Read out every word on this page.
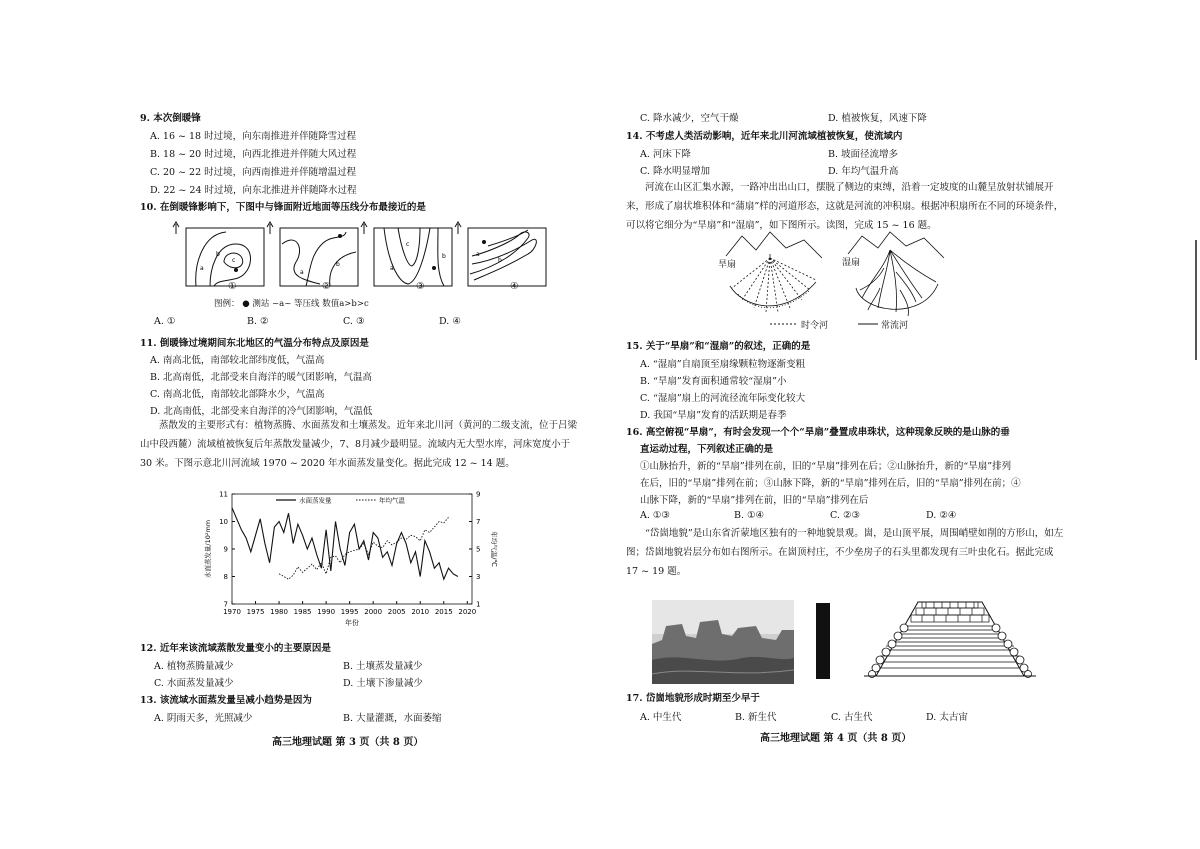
9. 本次倒暖锋
A. 16 ~ 18 时过境，向东南推进并伴随降雪过程
B. 18 ~ 20 时过境，向西北推进并伴随大风过程
C. 20 ~ 22 时过境，向西南推进并伴随增温过程
D. 22 ~ 24 时过境，向东北推进并伴随降水过程
10. 在倒暖锋影响下，下图中与锋面附近地面等压线分布最接近的是
a
b
c
a
b
a
c
b	a
b
①	②	③	④
图例： ● 测站 ~a~ 等压线 数值a>b>c
A. ①	B. ②	C. ③	D. ④
11. 倒暖锋过境期间东北地区的气温分布特点及原因是
A. 南高北低，南部较北部纬度低，气温高
B. 北高南低，北部受来自海洋的暖气团影响，气温高
C. 南高北低，南部较北部降水少，气温高
D. 北高南低，北部受来自海洋的冷气团影响，气温低
蒸散发的主要形式有：植物蒸腾、水面蒸发和土壤蒸发。近年来北川河（黄河的二级支流，位于吕梁山中段西麓）流域植被恢复后年蒸散发量减少，7、8月减少最明显。流域内无大型水库，河床宽度小于 30 米。下图示意北川河流域 1970 ~ 2020 年水面蒸发量变化。据此完成 12 ~ 14 题。
1970 1975 1980 1985 1990 1995 2000 2005 2010 2015 2020
7
8
9
10
11
1
3
5
7
9
年份
水面蒸发量/10²mm	年均气温/℃
水面蒸发量	年均气温
12. 近年来该流域蒸散发量变小的主要原因是
A. 植物蒸腾量减少	B. 土壤蒸发量减少
C. 水面蒸发量减少	D. 土壤下渗量减少
13. 该流域水面蒸发量呈减小趋势是因为
A. 阴雨天多，光照减少	B. 大量灌溉，水面萎缩
高三地理试题 第 3 页（共 8 页）
C. 降水减少，空气干燥	D. 植被恢复，风速下降
14. 不考虑人类活动影响，近年来北川河流域植被恢复，使流域内
A. 河床下降	B. 坡面径流增多
C. 降水明显增加	D. 年均气温升高
河流在山区汇集水源，一路冲出出山口，摆脱了侧边的束缚，沿着一定坡度的山麓呈放射状铺展开来，形成了扇状堆积体和“蒲扇”样的河道形态，这就是河流的冲积扇。根据冲积扇所在不同的环境条件，可以将它细分为“旱扇”和“湿扇”，如下图所示。读图，完成 15 ~ 16 题。
旱扇	湿扇
时令河	常流河
15. 关于“旱扇”和“湿扇”的叙述，正确的是
A. “湿扇”自扇顶至扇缘颗粒物逐渐变粗
B. “旱扇”发育面积通常较“湿扇”小
C. “湿扇”扇上的河流径流年际变化较大
D. 我国“旱扇”发育的活跃期是春季
16. 高空俯视“旱扇”，有时会发现一个个“旱扇”叠置成串珠状，这种现象反映的是山脉的垂
直运动过程，下列叙述正确的是
①山脉抬升，新的“旱扇”排列在前，旧的“旱扇”排列在后；②山脉抬升，新的“旱扇”排列
在后，旧的“旱扇”排列在前；③山脉下降，新的“旱扇”排列在后，旧的“旱扇”排列在前；④
山脉下降，新的“旱扇”排列在前，旧的“旱扇”排列在后
A. ①③	B. ①④	C. ②③	D. ②④
“岱崮地貌”是山东省沂蒙地区独有的一种地貌景观。崮，是山顶平展，周围峭壁如削的方形山，如左图；岱崮地貌岩层分布如右图所示。在崮顶村庄，不少垒房子的石头里都发现有三叶虫化石。据此完成 17 ~ 19 题。
17. 岱崮地貌形成时期至少早于
A. 中生代	B. 新生代	C. 古生代	D. 太古宙
高三地理试题 第 4 页（共 8 页）
